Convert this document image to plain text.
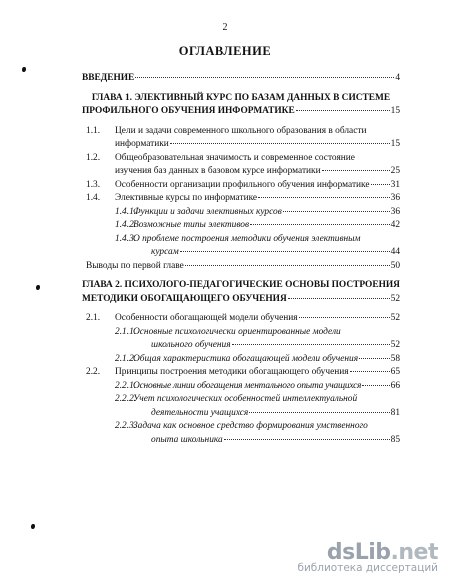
2
ОГЛАВЛЕНИЕ
ВВЕДЕНИЕ	4
ГЛАВА 1. ЭЛЕКТИВНЫЙ КУРС ПО БАЗАМ ДАННЫХ В СИСТЕМЕ
ПРОФИЛЬНОГО ОБУЧЕНИЯ ИНФОРМАТИКЕ	15
1.1. Цели и задачи современного школьного образования в области
информатики	15
1.2. Общеобразовательная значимость и современное состояние
изучения баз данных в базовом курсе информатики	25
1.3. Особенности организации профильного обучения информатике 31
1.4. Элективные курсы по информатике	36
1.4.1.
Функции и задачи элективных курсов	36
1.4.2.
Возможные типы элективов	42
1.4.3.
О проблеме построения методики обучения элективным
курсам	44
Выводы по первой главе	50
ГЛАВА 2. ПСИХОЛОГО-ПЕДАГОГИЧЕСКИЕ ОСНОВЫ ПОСТРОЕНИЯ
МЕТОДИКИ ОБОГАЩАЮЩЕГО ОБУЧЕНИЯ	52
2.1. Особенности обогащающей модели обучения	52
2.1.1.
Основные психологически ориентированные модели
школьного обучения	52
2.1.2.
Общая характеристика обогащающей модели обучения	58
2.2. Принципы построения методики обогащающего обучения	65
2.2.1.
Основные линии обогащения ментального опыта учащихся	66
2.2.2.
Учет психологических особенностей интеллектуальной
деятельности учащихся	81
2.2.3.
Задача как основное средство формирования умственного
опыта школьника	85
dsLib.net
библиотека диссертаций
